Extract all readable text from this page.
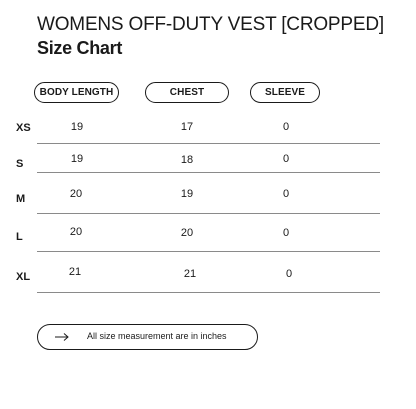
WOMENS OFF-DUTY VEST [CROPPED]
Size Chart
BODY LENGTH	CHEST	SLEEVE
XS	19	17	0
S	19	18	0
M	20	19	0
L	20	20	0
XL	21	21	0
All size measurement are in inches
